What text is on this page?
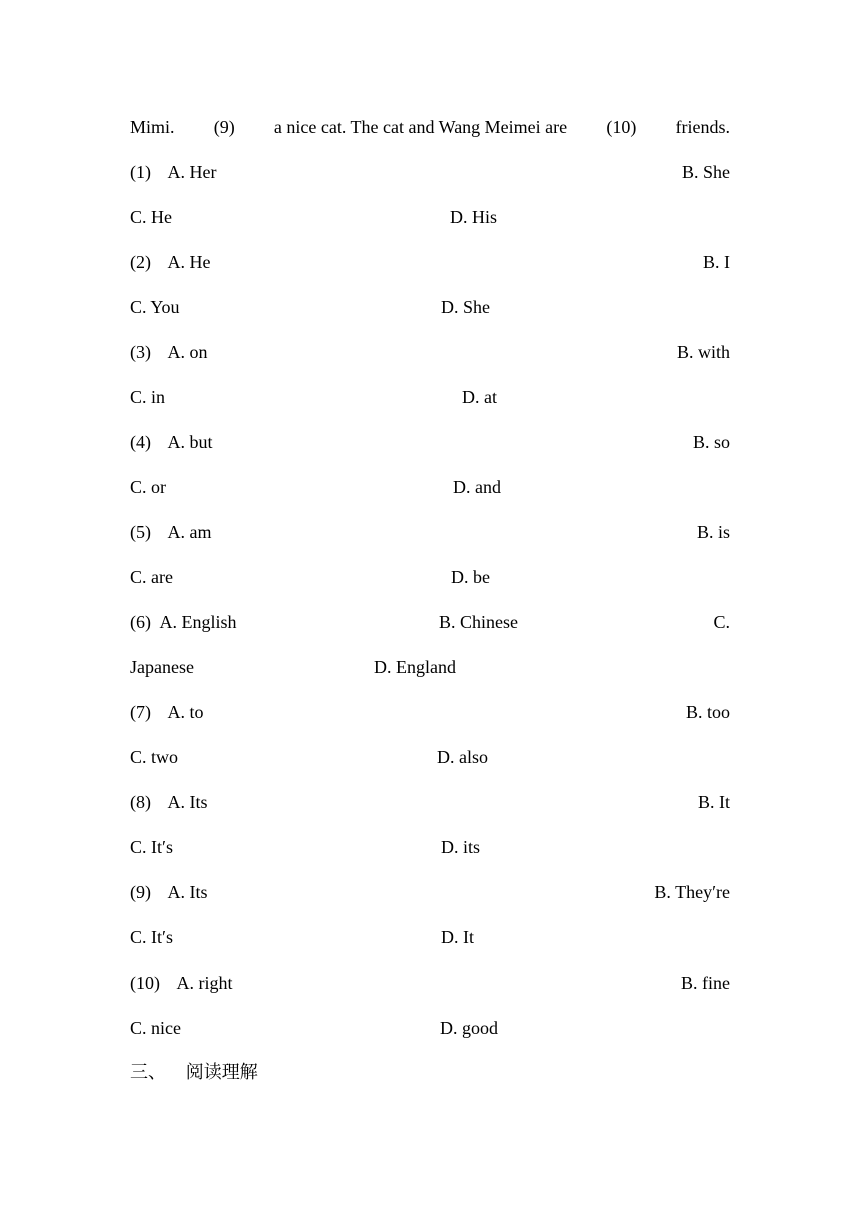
Mimi. (9) a nice cat. The cat and Wang Meimei are (10) friends.
(1) A. Her	B. She
C. He	D. His
(2) A. He	B. I
C. You	D. She
(3) A. on	B. with
C. in	D. at
(4) A. but	B. so
C. or	D. and
(5) A. am	B. is
C. are	D. be
(6) A. English	B. Chinese	C.
Japanese	D. England
(7) A. to	B. too
C. two	D. also
(8) A. Its	B. It
C. It′s	D. its
(9) A. Its	B. They′re
C. It′s	D. It
(10) A. right	B. fine
C. nice	D. good
三、 阅读理解
